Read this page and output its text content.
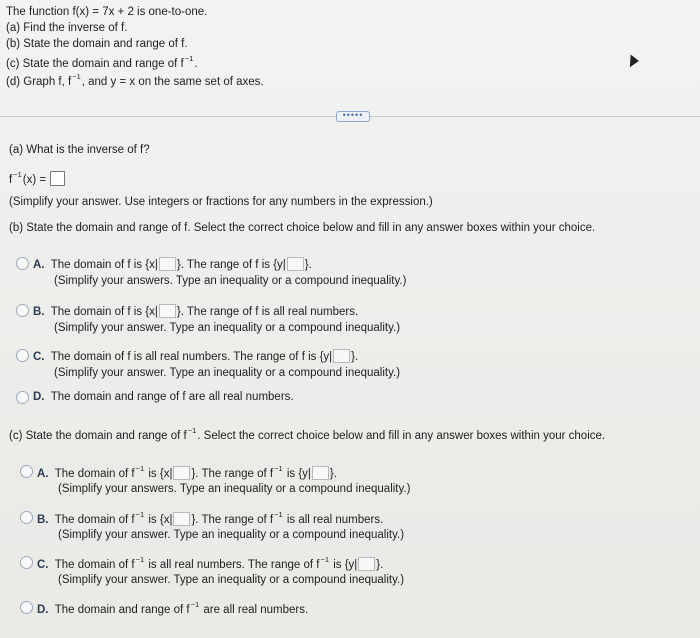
The function f(x) = 7x + 2 is one-to-one.
(a) Find the inverse of f.
(b) State the domain and range of f.
(c) State the domain and range of $f^{-1}$.
(d) Graph f, $f^{-1}$, and y = x on the same set of axes.
•••••
(a) What is the inverse of f?
$f^{-1}(x)$ =
(Simplify your answer. Use integers or fractions for any numbers in the expression.)
(b) State the domain and range of f. Select the correct choice below and fill in any answer boxes within your choice.
A. The domain of f is {x| }. The range of f is {y| }.
(Simplify your answers. Type an inequality or a compound inequality.)
B. The domain of f is {x| }. The range of f is all real numbers.
(Simplify your answer. Type an inequality or a compound inequality.)
C. The domain of f is all real numbers. The range of f is {y| }.
(Simplify your answer. Type an inequality or a compound inequality.)
D. The domain and range of f are all real numbers.
(c) State the domain and range of $f^{-1}$. Select the correct choice below and fill in any answer boxes within your choice.
A. The domain of $f^{-1}$ is {x| }. The range of $f^{-1}$ is {y| }.
(Simplify your answers. Type an inequality or a compound inequality.)
B. The domain of $f^{-1}$ is {x| }. The range of $f^{-1}$ is all real numbers.
(Simplify your answer. Type an inequality or a compound inequality.)
C. The domain of $f^{-1}$ is all real numbers. The range of $f^{-1}$ is {y| }.
(Simplify your answer. Type an inequality or a compound inequality.)
D. The domain and range of $f^{-1}$ are all real numbers.
